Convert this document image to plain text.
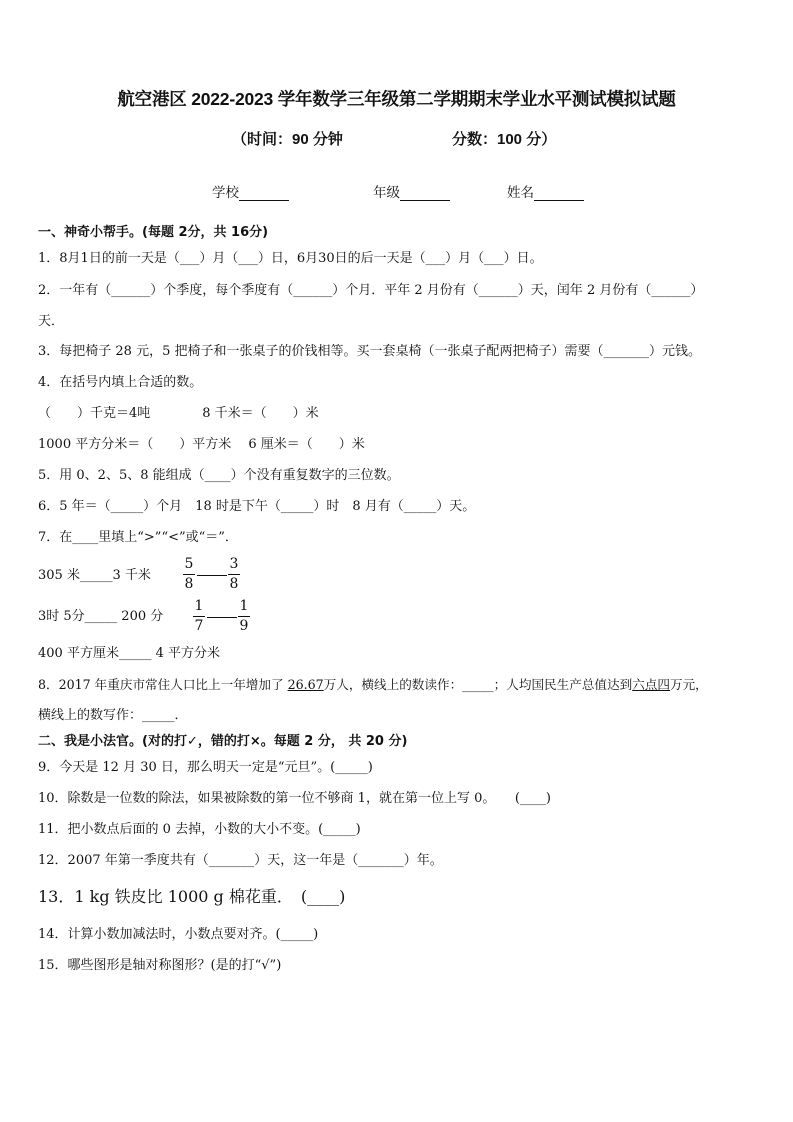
航空港区 2022-2023 学年数学三年级第二学期期末学业水平测试模拟试题
（时间：90 分钟	分数：100 分）
学校	年级	姓名
一、神奇小帮手。(每题 2分，共 16分)
1．8月1日的前一天是（___）月（___）日，6月30日的后一天是（___）月（___）日。
2．一年有（______）个季度，每个季度有（______）个月．平年 2 月份有（______）天，闰年 2 月份有（______）
天．
3．每把椅子 28 元，5 把椅子和一张桌子的价钱相等。买一套桌椅（一张桌子配两把椅子）需要（_______）元钱。
4．在括号内填上合适的数。
（　　）千克＝4吨　　　　8 千米＝（　　）米
1000 平方分米＝（　　）平方米　 6 厘米＝（　　）米
5．用 0、2、5、8 能组成（____）个没有重复数字的三位数。
6．5 年＝（_____）个月　18 时是下午（_____）时　8 月有（_____）天。
7．在____里填上“>”“<”或“＝”．
305 米_____3 千米
5
8
3
8
3时 5分_____ 200 分
1
7
1
9
400 平方厘米_____ 4 平方分米
8．2017 年重庆市常住人口比上一年增加了 26.67万人，横线上的数读作：_____；人均国民生产总值达到六点四万元，
横线上的数写作：_____．
二、我是小法官。(对的打✓，错的打×。每题 2 分， 共 20 分)
9．今天是 12 月 30 日，那么明天一定是“元旦”。(_____)
10．除数是一位数的除法，如果被除数的第一位不够商 1，就在第一位上写 0。　　(____)
11．把小数点后面的 0 去掉，小数的大小不变。(_____)
12．2007 年第一季度共有（_______）天，这一年是（_______）年。
13．1 kg 铁皮比 1000 g 棉花重．　(____)
14．计算小数加减法时，小数点要对齐。(_____)
15．哪些图形是轴对称图形？(是的打“√”)
